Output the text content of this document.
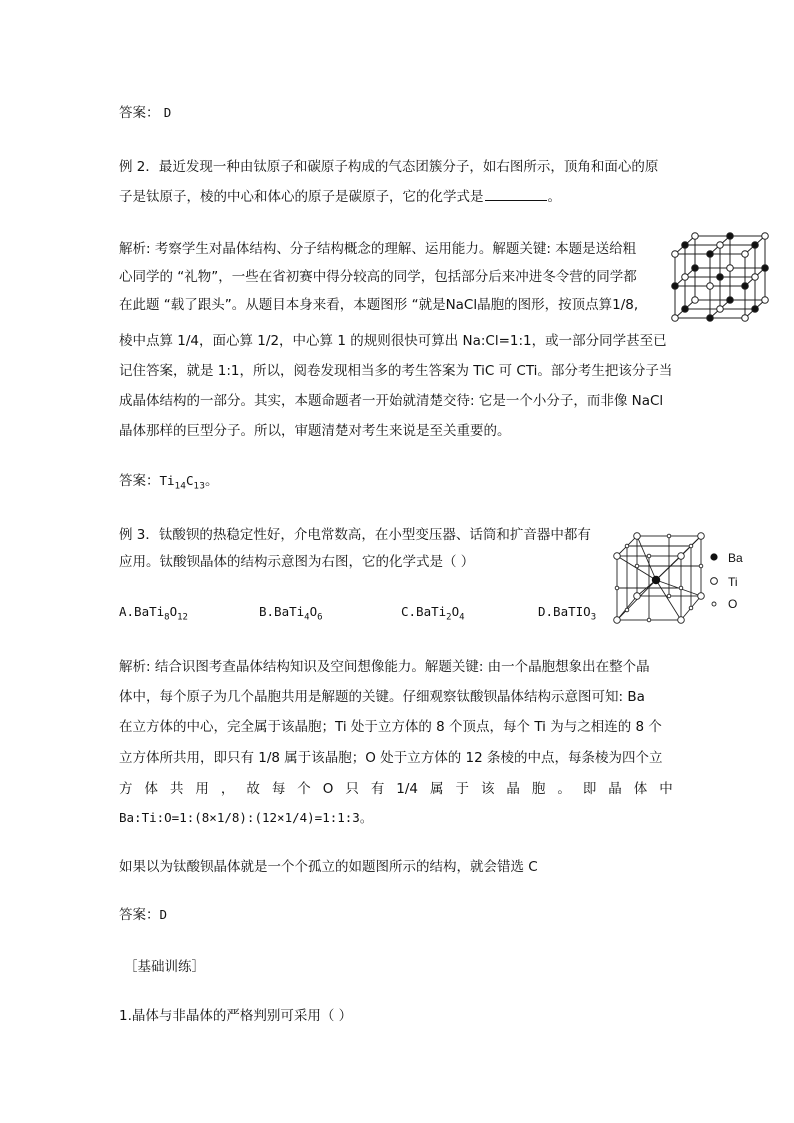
答案： D

例 2．最近发现一种由钛原子和碳原子构成的气态团簇分子，如右图所示，顶角和面心的原

子是钛原子，棱的中心和体心的原子是碳原子，它的化学式是	。

解析: 考察学生对晶体结构、分子结构概念的理解、运用能力。解题关键: 本题是送给粗

心同学的 “礼物”，一些在省初赛中得分较高的同学，包括部分后来冲进冬令营的同学都

在此题 “载了跟头”。从题目本身来看，本题图形 “就是NaCl晶胞的图形，按顶点算1/8,

棱中点算 1/4，面心算 1/2，中心算 1 的规则很快可算出 Na:Cl=1:1，或一部分同学甚至已

记住答案，就是 1:1，所以，阅卷发现相当多的考生答案为 TiC 可 CTi。部分考生把该分子当

成晶体结构的一部分。其实，本题命题者一开始就清楚交待: 它是一个小分子，而非像 NaCl

晶体那样的巨型分子。所以，审题清楚对考生来说是至关重要的。

答案：$Ti_{14}C_{13}$。

例 3．钛酸钡的热稳定性好，介电常数高，在小型变压器、话筒和扩音器中都有

应用。钛酸钡晶体的结构示意图为右图，它的化学式是（ ）

$A.BaTi_8O_{12}$	$B.BaTi_4O_6$	$C.BaTi_2O_4$	D.BaTIO$_3$
Ba
Ti
O

解析: 结合识图考查晶体结构知识及空间想像能力。解题关键: 由一个晶胞想象出在整个晶

体中，每个原子为几个晶胞共用是解题的关键。仔细观察钛酸钡晶体结构示意图可知: Ba

在立方体的中心，完全属于该晶胞；Ti 处于立方体的 8 个顶点，每个 Ti 为与之相连的 8 个

立方体所共用，即只有 1/8 属于该晶胞；O 处于立方体的 12 条棱的中点，每条棱为四个立

方 体 共 用 ， 故 每 个 O 只 有 1/4 属 于 该 晶 胞 。 即 晶 体 中

Ba:Ti:O=1:(8×1/8):(12×1/4)=1:1:3。

如果以为钛酸钡晶体就是一个个孤立的如题图所示的结构，就会错选 C

答案：D

［基础训练］

1.晶体与非晶体的严格判别可采用（ ）
